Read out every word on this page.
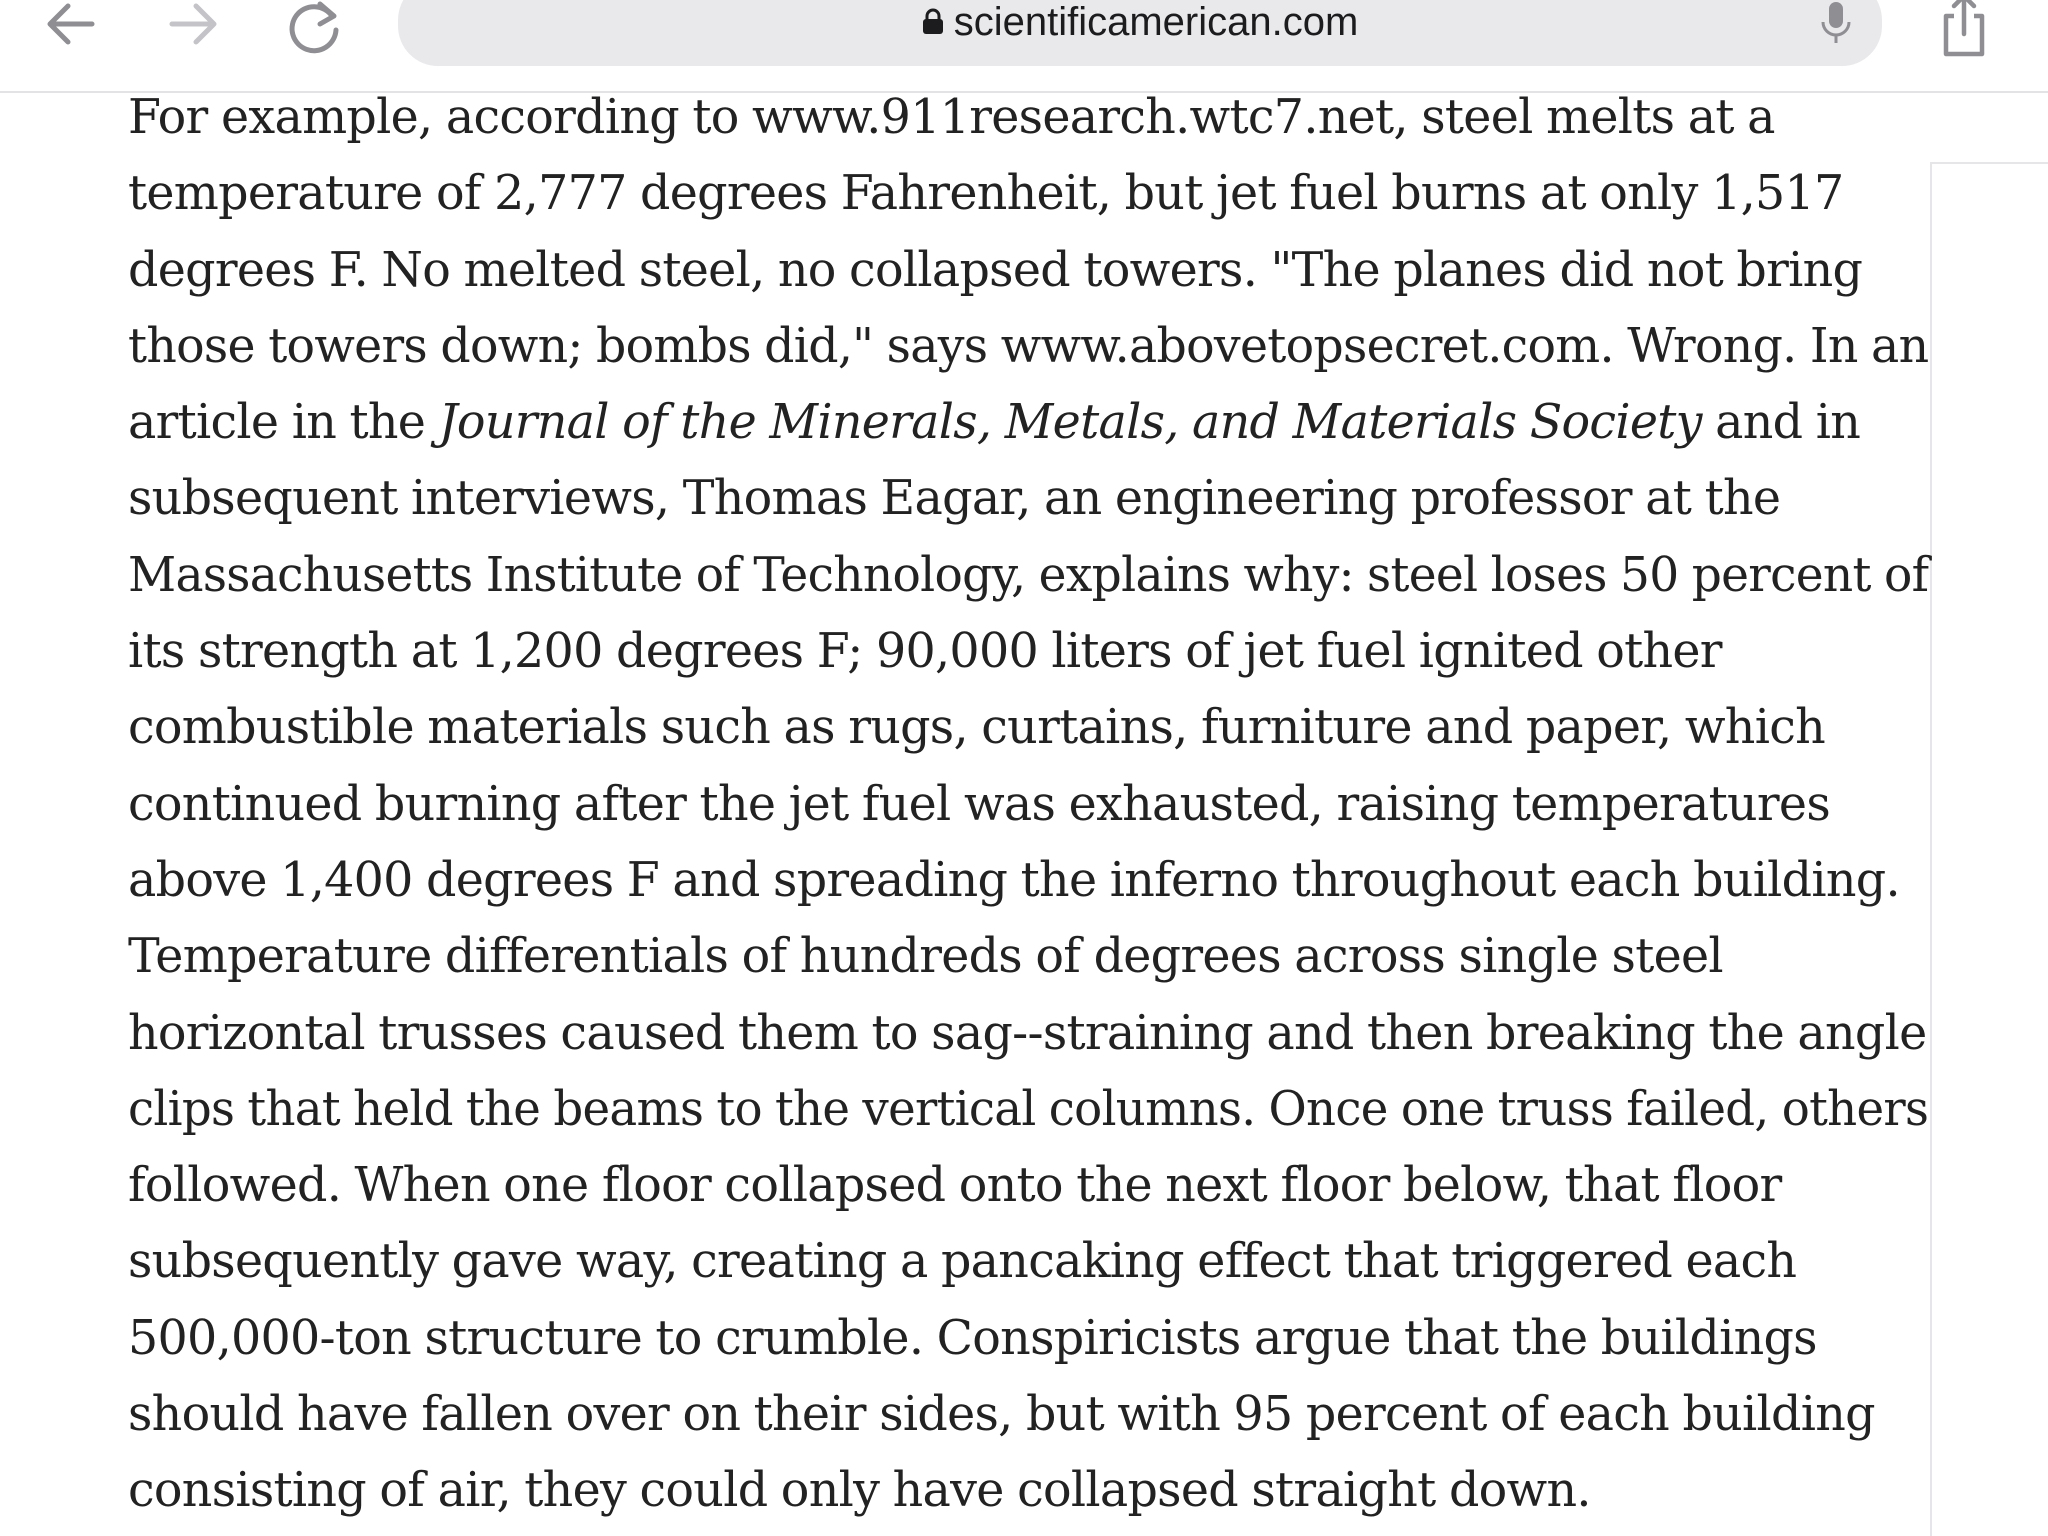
scientificamerican.com
For example, according to www.911research.wtc7.net, steel melts at a
temperature of 2,777 degrees Fahrenheit, but jet fuel burns at only 1,517
degrees F. No melted steel, no collapsed towers. "The planes did not bring
those towers down; bombs did," says www.abovetopsecret.com. Wrong. In an
article in the Journal of the Minerals, Metals, and Materials Society and in
subsequent interviews, Thomas Eagar, an engineering professor at the
Massachusetts Institute of Technology, explains why: steel loses 50 percent of
its strength at 1,200 degrees F; 90,000 liters of jet fuel ignited other
combustible materials such as rugs, curtains, furniture and paper, which
continued burning after the jet fuel was exhausted, raising temperatures
above 1,400 degrees F and spreading the inferno throughout each building.
Temperature differentials of hundreds of degrees across single steel
horizontal trusses caused them to sag--straining and then breaking the angle
clips that held the beams to the vertical columns. Once one truss failed, others
followed. When one floor collapsed onto the next floor below, that floor
subsequently gave way, creating a pancaking effect that triggered each
500,000-ton structure to crumble. Conspiricists argue that the buildings
should have fallen over on their sides, but with 95 percent of each building
consisting of air, they could only have collapsed straight down.
